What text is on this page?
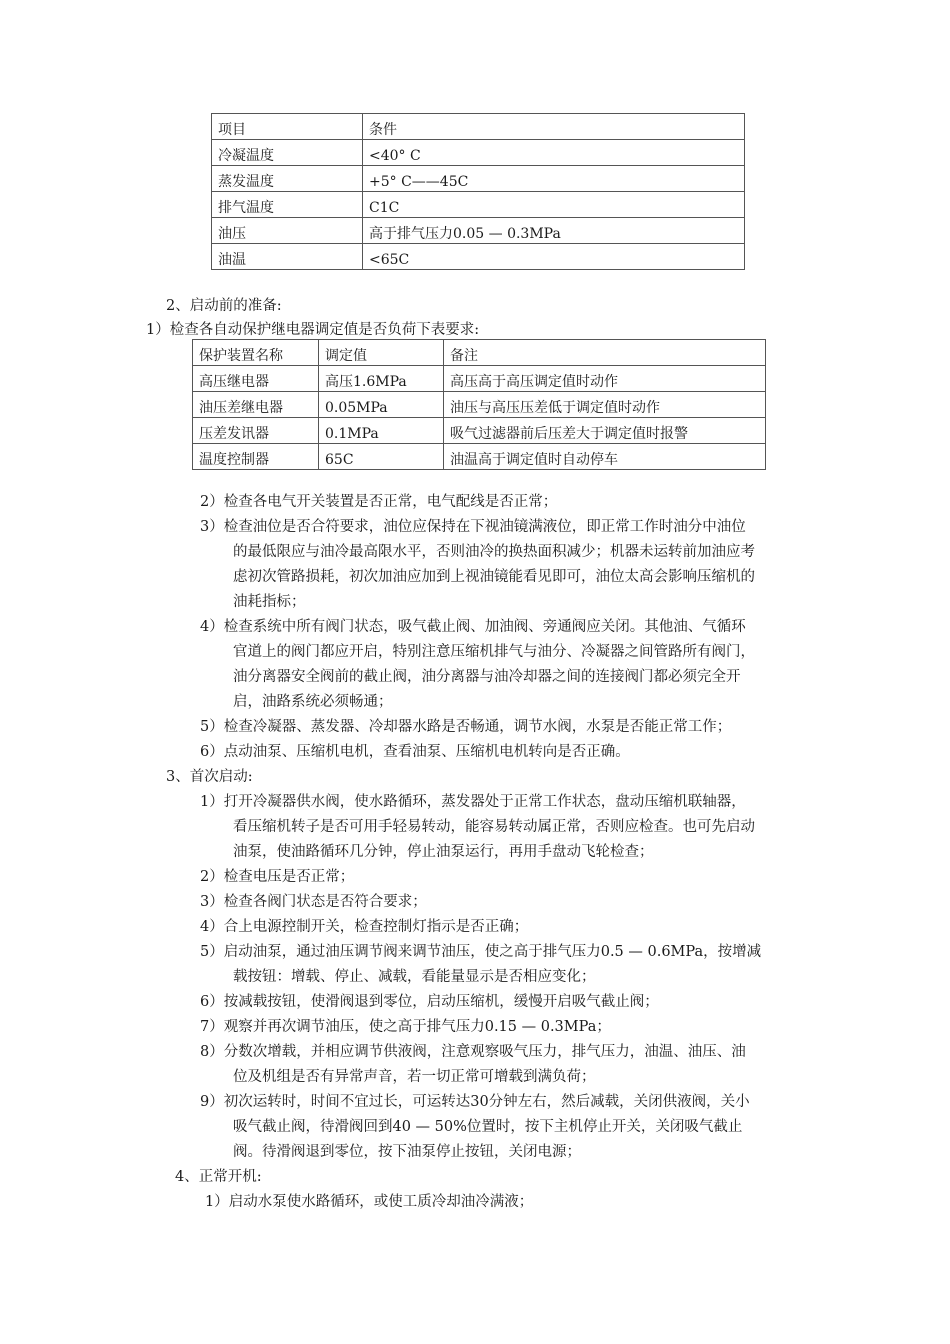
项目	条件
冷凝温度	<40° C
蒸发温度	+5° C——45C
排气温度	C1C
油压	高于排气压力0.05 — 0.3MPa
油温	<65C
2、启动前的准备:
1）检查各自动保护继电器调定值是否负荷下表要求:
保护装置名称	调定值	备注
高压继电器	高压1.6MPa	高压高于高压调定值时动作
油压差继电器	0.05MPa	油压与高压压差低于调定值时动作
压差发讯器	0.1MPa	吸气过滤器前后压差大于调定值时报警
温度控制器	65C	油温高于调定值时自动停车
2）检查各电气开关装置是否正常，电气配线是否正常；
3）检查油位是否合符要求，油位应保持在下视油镜满液位，即正常工作时油分中油位
的最低限应与油冷最高限水平，否则油冷的换热面积减少；机器未运转前加油应考
虑初次管路损耗，初次加油应加到上视油镜能看见即可，油位太高会影响压缩机的
油耗指标；
4）检查系统中所有阀门状态，吸气截止阀、加油阀、旁通阀应关闭。其他油、气循环
官道上的阀门都应开启，特别注意压缩机排气与油分、冷凝器之间管路所有阀门，
油分离器安全阀前的截止阀，油分离器与油冷却器之间的连接阀门都必须完全开
启，油路系统必须畅通；
5）检查冷凝器、蒸发器、冷却器水路是否畅通，调节水阀，水泵是否能正常工作；
6）点动油泵、压缩机电机，查看油泵、压缩机电机转向是否正确。
3、首次启动:
1）打开冷凝器供水阀，使水路循环，蒸发器处于正常工作状态，盘动压缩机联轴器，
看压缩机转子是否可用手轻易转动，能容易转动属正常，否则应检查。也可先启动
油泵，使油路循环几分钟，停止油泵运行，再用手盘动飞轮检查；
2）检查电压是否正常；
3）检查各阀门状态是否符合要求；
4）合上电源控制开关，检查控制灯指示是否正确；
5）启动油泵，通过油压调节阀来调节油压，使之高于排气压力0.5 — 0.6MPa，按增减
载按钮：增载、停止、减载，看能量显示是否相应变化；
6）按减载按钮，使滑阀退到零位，启动压缩机，缓慢开启吸气截止阀；
7）观察并再次调节油压，使之高于排气压力0.15 — 0.3MPa；
8）分数次增载，并相应调节供液阀，注意观察吸气压力，排气压力，油温、油压、油
位及机组是否有异常声音，若一切正常可增载到满负荷；
9）初次运转时，时间不宜过长，可运转达30分钟左右，然后减载，关闭供液阀，关小
吸气截止阀，待滑阀回到40 — 50%位置时，按下主机停止开关，关闭吸气截止
阀。待滑阀退到零位，按下油泵停止按钮，关闭电源；
4、正常开机:
1）启动水泵使水路循环，或使工质冷却油冷满液；
